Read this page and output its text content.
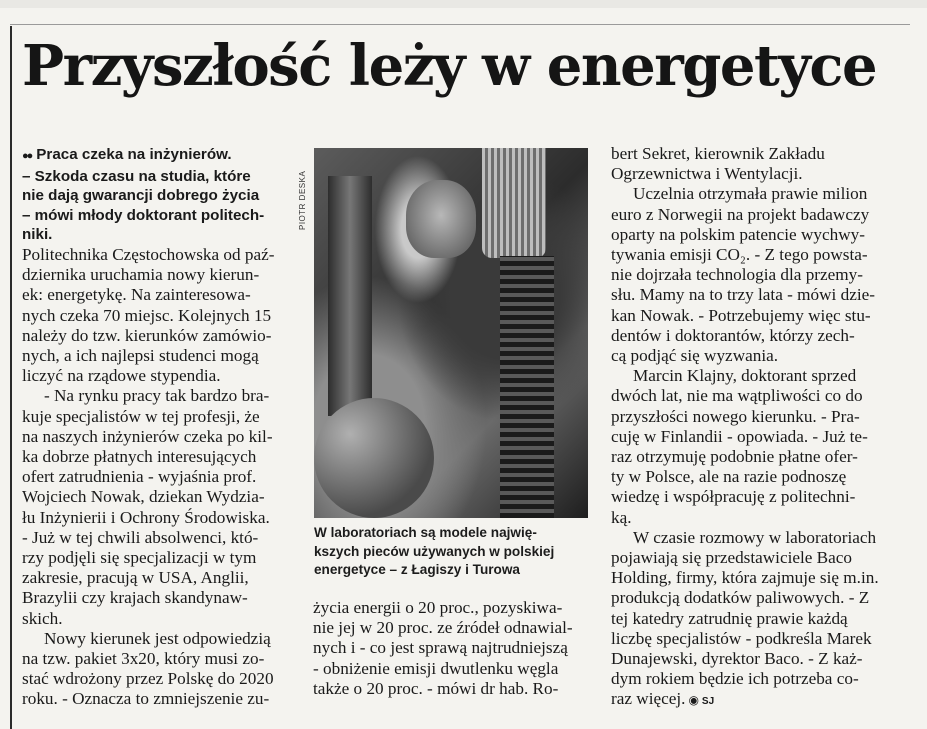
Przyszłość leży w energetyce

●● Praca czeka na inżynierów.
– Szkoda czasu na studia, które
nie dają gwarancji dobrego życia
– mówi młody doktorant politech-
niki.

Politechnika Częstochowska od paź-
dziernika uruchamia nowy kierun-
ek: energetykę. Na zainteresowa-
nych czeka 70 miejsc. Kolejnych 15
należy do tzw. kierunków zamówio-
nych, a ich najlepsi studenci mogą
liczyć na rządowe stypendia.

- Na rynku pracy tak bardzo bra-
kuje specjalistów w tej profesji, że
na naszych inżynierów czeka po kil-
ka dobrze płatnych interesujących
ofert zatrudnienia - wyjaśnia prof.
Wojciech Nowak, dziekan Wydzia-
łu Inżynierii i Ochrony Środowiska.
- Już w tej chwili absolwenci, któ-
rzy podjęli się specjalizacji w tym
zakresie, pracują w USA, Anglii,
Brazylii czy krajach skandynaw-
skich.

Nowy kierunek jest odpowiedzią
na tzw. pakiet 3x20, który musi zo-
stać wdrożony przez Polskę do 2020
roku. - Oznacza to zmniejszenie zu-

PIOTR DESKA
W laboratoriach są modele najwię-
kszych pieców używanych w polskiej
energetyce – z Łagiszy i Turowa

życia energii o 20 proc., pozyskiwa-
nie jej w 20 proc. ze źródeł odnawial-
nych i - co jest sprawą najtrudniejszą
- obniżenie emisji dwutlenku węgla
także o 20 proc. - mówi dr hab. Ro-

bert Sekret, kierownik Zakładu
Ogrzewnictwa i Wentylacji.

Uczelnia otrzymała prawie milion
euro z Norwegii na projekt badawczy
oparty na polskim patencie wychwy-
tywania emisji CO₂. - Z tego powsta-
nie dojrzała technologia dla przemy-
słu. Mamy na to trzy lata - mówi dzie-
kan Nowak. - Potrzebujemy więc stu-
dentów i doktorantów, którzy zech-
cą podjąć się wyzwania.

Marcin Klajny, doktorant sprzed
dwóch lat, nie ma wątpliwości co do
przyszłości nowego kierunku. - Pra-
cuję w Finlandii - opowiada. - Już te-
raz otrzymuję podobnie płatne ofer-
ty w Polsce, ale na razie podnoszę
wiedzę i współpracuję z politechni-
ką.

W czasie rozmowy w laboratoriach
pojawiają się przedstawiciele Baco
Holding, firmy, która zajmuje się m.in.
produkcją dodatków paliwowych. - Z
tej katedry zatrudnię prawie każdą
liczbę specjalistów - podkreśla Marek
Dunajewski, dyrektor Baco. - Z każ-
dym rokiem będzie ich potrzeba co-
raz więcej. ◉ SJ
